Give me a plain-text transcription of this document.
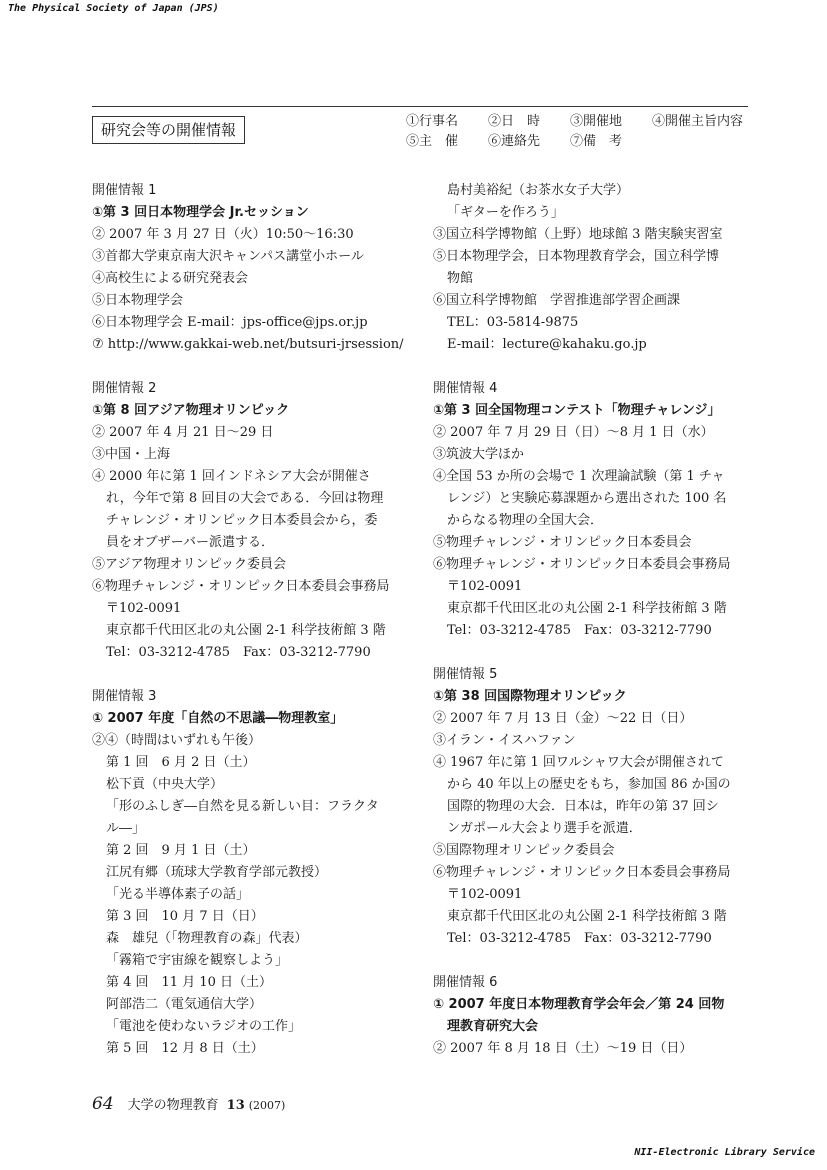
The Physical Society of Japan (JPS)
研究会等の開催情報	①行事名	②日　時	③開催地	④開催主旨内容
⑤主　催	⑥連絡先	⑦備　考
開催情報 1
①第 3 回日本物理学会 Jr.セッション
② 2007 年 3 月 27 日（火）10:50〜16:30
③首都大学東京南大沢キャンパス講堂小ホール
④高校生による研究発表会
⑤日本物理学会
⑥日本物理学会 E-mail：jps-office@jps.or.jp
⑦ http://www.gakkai-web.net/butsuri-jrsession/
開催情報 2
①第 8 回アジア物理オリンピック
② 2007 年 4 月 21 日〜29 日
③中国・上海
④ 2000 年に第 1 回インドネシア大会が開催さ
れ，今年で第 8 回目の大会である．今回は物理
チャレンジ・オリンピック日本委員会から，委
員をオブザーバー派遣する．
⑤アジア物理オリンピック委員会
⑥物理チャレンジ・オリンピック日本委員会事務局
〒102-0091
東京都千代田区北の丸公園 2-1 科学技術館 3 階
Tel：03-3212-4785　Fax：03-3212-7790
開催情報 3
① 2007 年度「自然の不思議―物理教室」
②④（時間はいずれも午後）
第 1 回　6 月 2 日（土）
松下貢（中央大学）
「形のふしぎ―自然を見る新しい目：フラクタ
ル―」
第 2 回　9 月 1 日（土）
江尻有郷（琉球大学教育学部元教授）
「光る半導体素子の話」
第 3 回　10 月 7 日（日）
森　雄兒（「物理教育の森」代表）
「霧箱で宇宙線を観察しよう」
第 4 回　11 月 10 日（土）
阿部浩二（電気通信大学）
「電池を使わないラジオの工作」
第 5 回　12 月 8 日（土）
島村美裕紀（お茶水女子大学）
「ギターを作ろう」
③国立科学博物館（上野）地球館 3 階実験実習室
⑤日本物理学会，日本物理教育学会，国立科学博
物館
⑥国立科学博物館　学習推進部学習企画課
TEL：03-5814-9875
E-mail：lecture@kahaku.go.jp
開催情報 4
①第 3 回全国物理コンテスト「物理チャレンジ」
② 2007 年 7 月 29 日（日）〜8 月 1 日（水）
③筑波大学ほか
④全国 53 か所の会場で 1 次理論試験（第 1 チャ
レンジ）と実験応募課題から選出された 100 名
からなる物理の全国大会．
⑤物理チャレンジ・オリンピック日本委員会
⑥物理チャレンジ・オリンピック日本委員会事務局
〒102-0091
東京都千代田区北の丸公園 2-1 科学技術館 3 階
Tel：03-3212-4785　Fax：03-3212-7790
開催情報 5
①第 38 回国際物理オリンピック
② 2007 年 7 月 13 日（金）〜22 日（日）
③イラン・イスハファン
④ 1967 年に第 1 回ワルシャワ大会が開催されて
から 40 年以上の歴史をもち，参加国 86 か国の
国際的物理の大会．日本は，昨年の第 37 回シ
ンガポール大会より選手を派遣．
⑤国際物理オリンピック委員会
⑥物理チャレンジ・オリンピック日本委員会事務局
〒102-0091
東京都千代田区北の丸公園 2-1 科学技術館 3 階
Tel：03-3212-4785　Fax：03-3212-7790
開催情報 6
① 2007 年度日本物理教育学会年会／第 24 回物
理教育研究大会
② 2007 年 8 月 18 日（土）〜19 日（日）
64 大学の物理教育 13 (2007)
NII-Electronic Library Service
